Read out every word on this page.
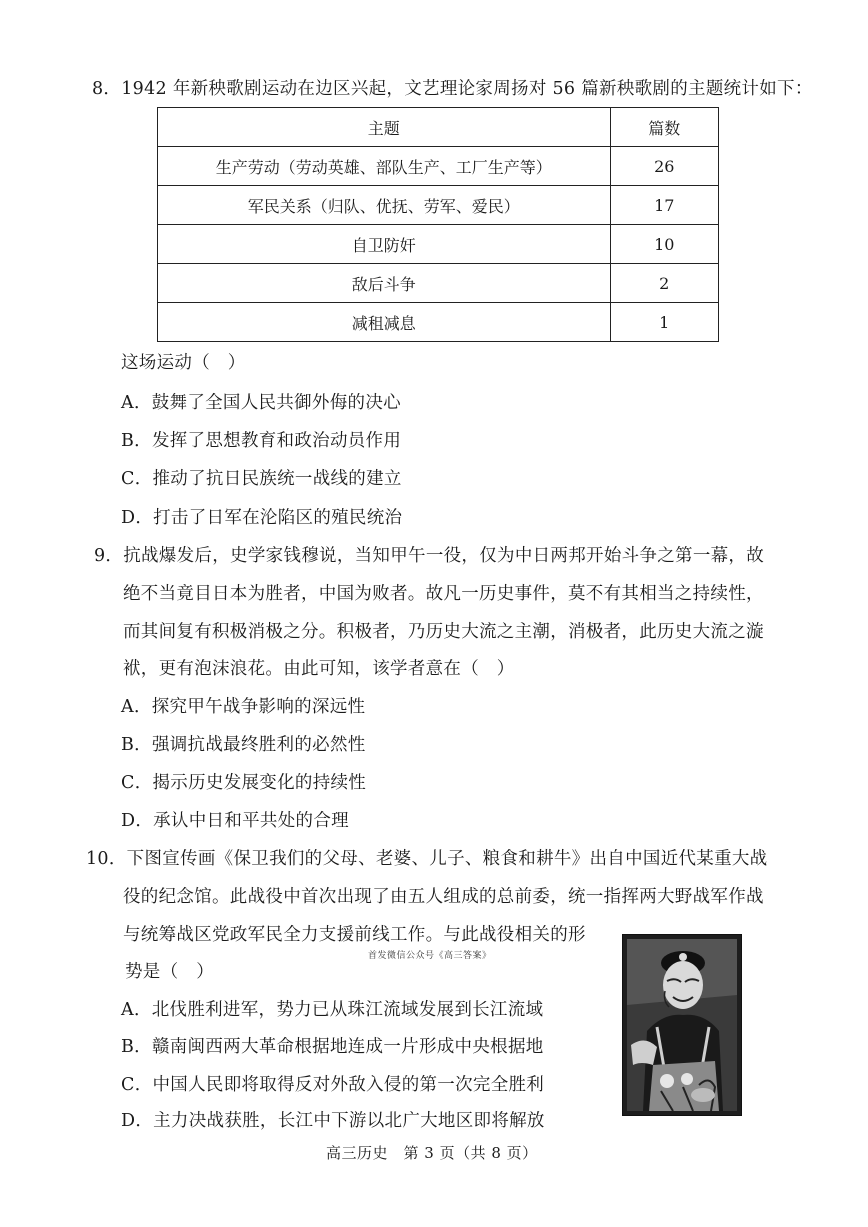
8．1942 年新秧歌剧运动在边区兴起，文艺理论家周扬对 56 篇新秧歌剧的主题统计如下：
主题	篇数
生产劳动（劳动英雄、部队生产、工厂生产等）	26
军民关系（归队、优抚、劳军、爱民）	17
自卫防奸	10
敌后斗争	2
减租减息	1
这场运动（　）
A．鼓舞了全国人民共御外侮的决心
B．发挥了思想教育和政治动员作用
C．推动了抗日民族统一战线的建立
D．打击了日军在沦陷区的殖民统治
9．抗战爆发后，史学家钱穆说，当知甲午一役，仅为中日两邦开始斗争之第一幕，故
绝不当竟目日本为胜者，中国为败者。故凡一历史事件，莫不有其相当之持续性，
而其间复有积极消极之分。积极者，乃历史大流之主潮，消极者，此历史大流之漩
袱，更有泡沫浪花。由此可知，该学者意在（　）
A．探究甲午战争影响的深远性
B．强调抗战最终胜利的必然性
C．揭示历史发展变化的持续性
D．承认中日和平共处的合理
10．下图宣传画《保卫我们的父母、老婆、儿子、粮食和耕牛》出自中国近代某重大战
役的纪念馆。此战役中首次出现了由五人组成的总前委，统一指挥两大野战军作战
与统筹战区党政军民全力支援前线工作。与此战役相关的形
首发微信公众号《高三答案》
势是（　）
A．北伐胜利进军，势力已从珠江流域发展到长江流域
B．赣南闽西两大革命根据地连成一片形成中央根据地
C．中国人民即将取得反对外敌入侵的第一次完全胜利
D．主力决战获胜，长江中下游以北广大地区即将解放
高三历史　第 3 页（共 8 页）
